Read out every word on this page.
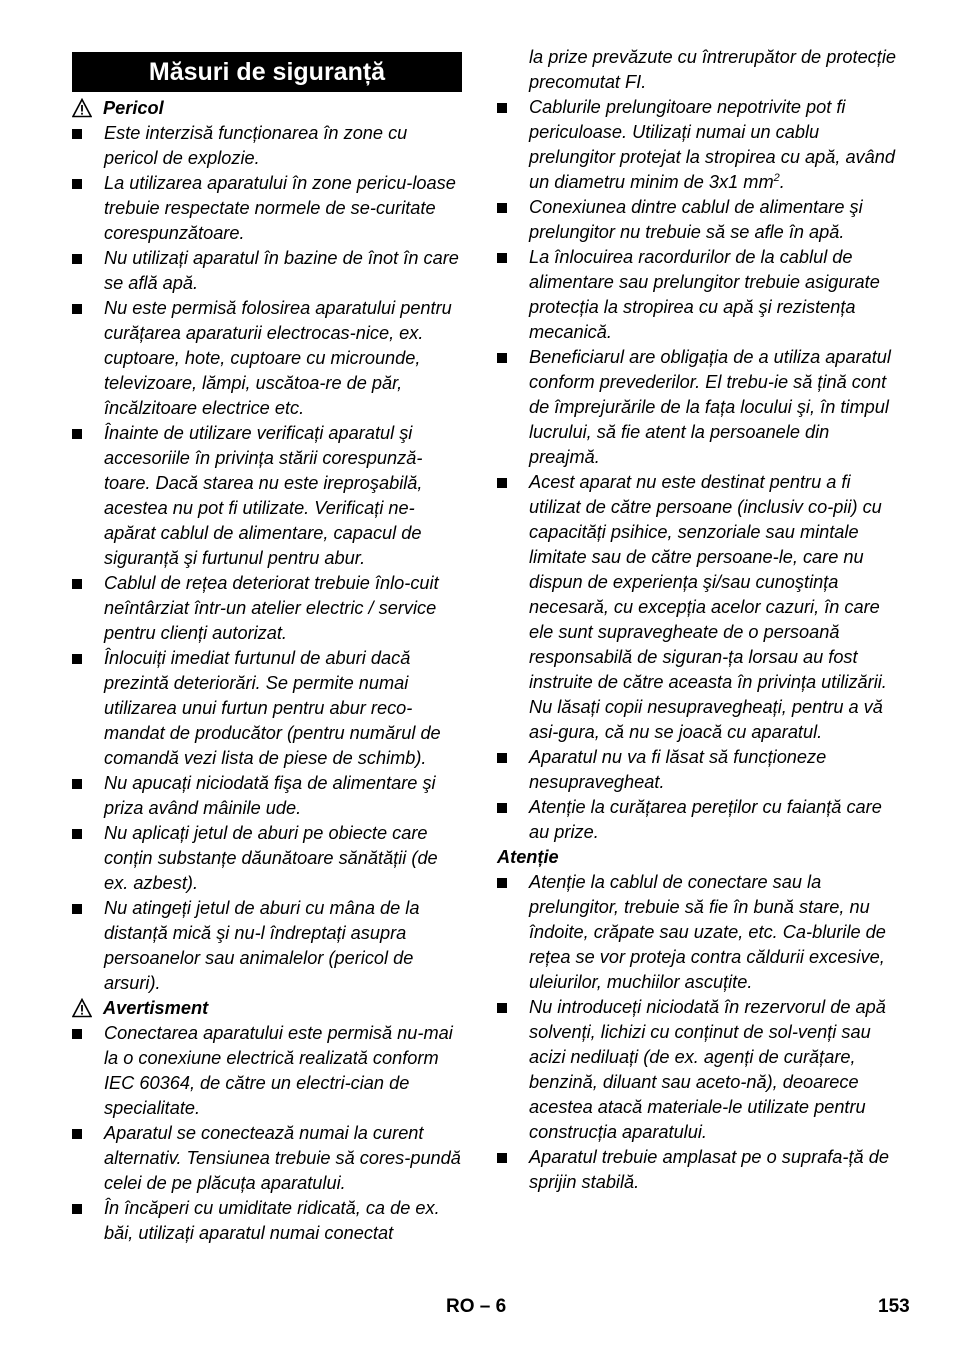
Măsuri de siguranță
Pericol
Este interzisă funcționarea în zone cu pericol de explozie.
La utilizarea aparatului în zone pericu-loase trebuie respectate normele de se-curitate corespunzătoare.
Nu utilizați aparatul în bazine de înot în care se află apă.
Nu este permisă folosirea aparatului pentru curățarea aparaturii electrocas-nice, ex. cuptoare, hote, cuptoare cu microunde, televizoare, lămpi, uscătoa-re de păr, încălzitoare electrice etc.
Înainte de utilizare verificați aparatul şi accesoriile în privința stării corespunză-toare. Dacă starea nu este ireproşabilă, acestea nu pot fi utilizate. Verificați ne-apărat cablul de alimentare, capacul de siguranță şi furtunul pentru abur.
Cablul de rețea deteriorat trebuie înlo-cuit neîntârziat într-un atelier electric / service pentru clienți autorizat.
Înlocuiți imediat furtunul de aburi dacă prezintă deteriorări. Se permite numai utilizarea unui furtun pentru abur reco-mandat de producător (pentru numărul de comandă vezi lista de piese de schimb).
Nu apucați niciodată fişa de alimentare şi priza având mâinile ude.
Nu aplicați jetul de aburi pe obiecte care conțin substanțe dăunătoare sănătății (de ex. azbest).
Nu atingeți jetul de aburi cu mâna de la distanță mică şi nu-l îndreptați asupra persoanelor sau animalelor (pericol de arsuri).
Avertisment
Conectarea aparatului este permisă nu-mai la o conexiune electrică realizată conform IEC 60364, de către un electri-cian de specialitate.
Aparatul se conectează numai la curent alternativ. Tensiunea trebuie să cores-pundă celei de pe plăcuța aparatului.
În încăperi cu umiditate ridicată, ca de ex. băi, utilizați aparatul numai conectat
la prize prevăzute cu întrerupător de protecție precomutat FI.
Cablurile prelungitoare nepotrivite pot fi periculoase. Utilizați numai un cablu prelungitor protejat la stropirea cu apă, având un diametru minim de 3x1 $mm^2$.
Conexiunea dintre cablul de alimentare şi prelungitor nu trebuie să se afle în apă.
La înlocuirea racordurilor de la cablul de alimentare sau prelungitor trebuie asigurate protecția la stropirea cu apă şi rezistența mecanică.
Beneficiarul are obligația de a utiliza aparatul conform prevederilor. El trebu-ie să țină cont de împrejurările de la fața locului şi, în timpul lucrului, să fie atent la persoanele din preajmă.
Acest aparat nu este destinat pentru a fi utilizat de către persoane (inclusiv co-pii) cu capacități psihice, senzoriale sau mintale limitate sau de către persoane-le, care nu dispun de experiența şi/sau cunoştința necesară, cu excepția acelor cazuri, în care ele sunt supravegheate de o persoană responsabilă de siguran-ța lorsau au fost instruite de către aceasta în privința utilizării. Nu lăsați copii nesupravegheați, pentru a vă asi-gura, că nu se joacă cu aparatul.
Aparatul nu va fi lăsat să funcționeze nesupravegheat.
Atenție la curățarea pereților cu faianță care au prize.
Atenție
Atenție la cablul de conectare sau la prelungitor, trebuie să fie în bună stare, nu îndoite, crăpate sau uzate, etc. Ca-blurile de rețea se vor proteja contra căldurii excesive, uleiurilor, muchiilor ascuțite.
Nu introduceți niciodată în rezervorul de apă solvenți, lichizi cu conținut de sol-venți sau acizi nediluați (de ex. agenți de curățare, benzină, diluant sau aceto-nă), deoarece acestea atacă materiale-le utilizate pentru construcția aparatului.
Aparatul trebuie amplasat pe o suprafa-ță de sprijin stabilă.
RO – 6	153
